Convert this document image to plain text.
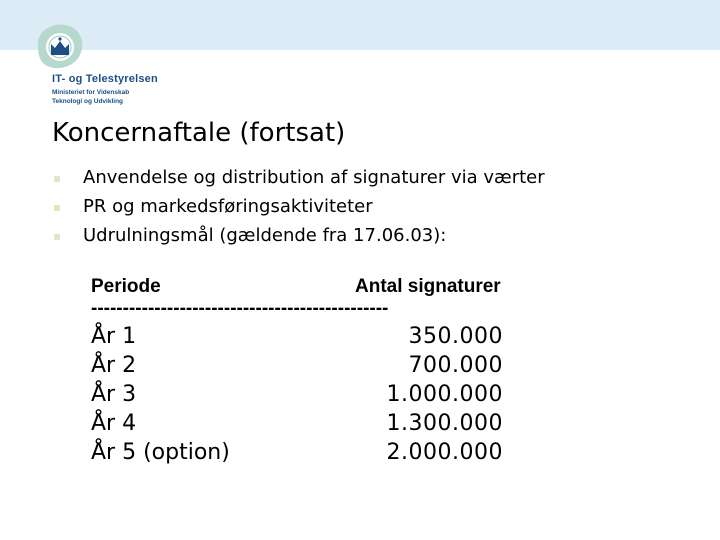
IT- og Telestyrelsen
Ministeriet for Videnskab
Teknologi og Udvikling
Koncernaftale (fortsat)
Anvendelse og distribution af signaturer via værter
PR og markedsføringsaktiviteter
Udrulningsmål (gældende fra 17.06.03):
Periode	Antal signaturer
-----------------------------------------------
År 1	350.000
År 2	700.000
År 3	1.000.000
År 4	1.300.000
År 5 (option)	2.000.000
